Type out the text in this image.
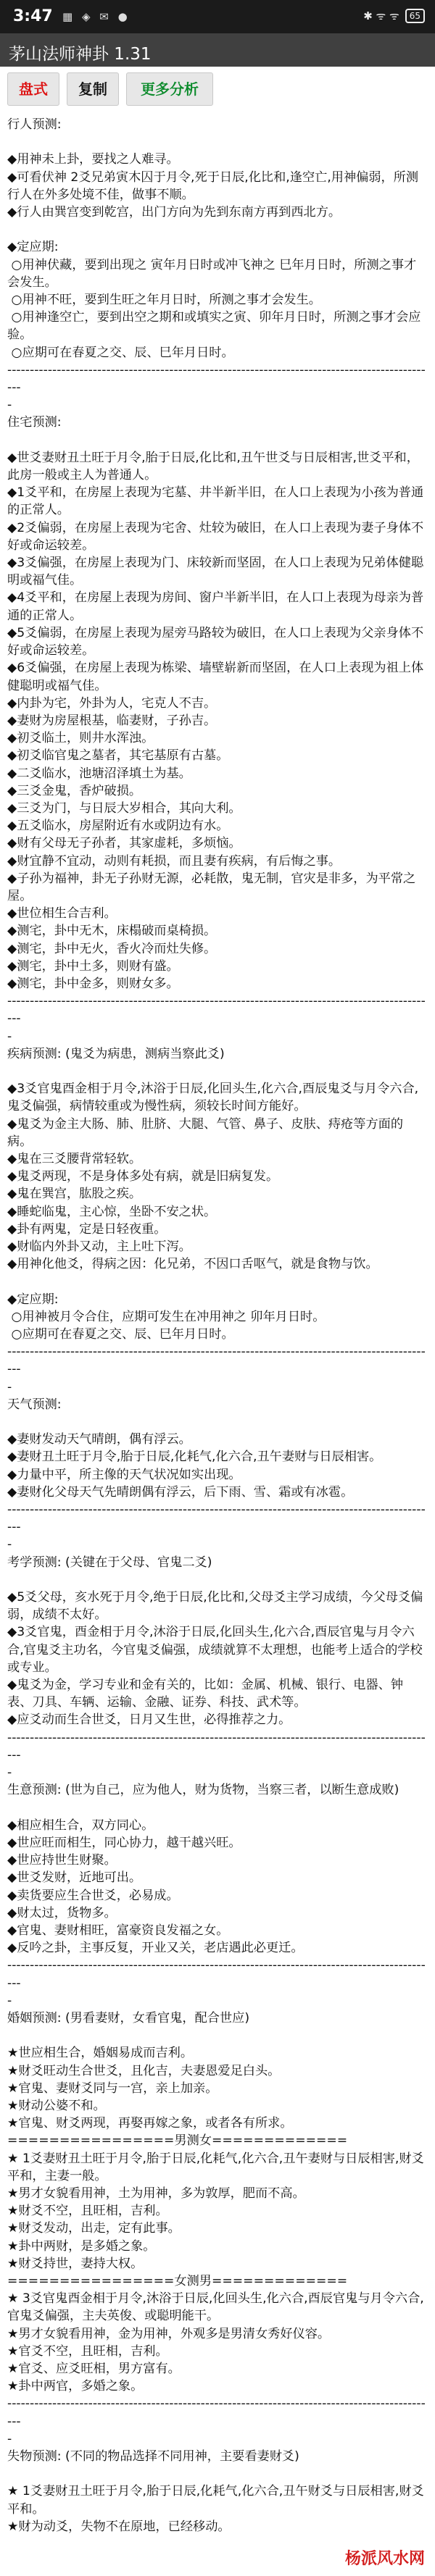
3:47 ▦ ◈ ✉ ●	✱ ᯤ ᯤ	65
茅山法师神卦 1.31
盘式	复制	更多分析
行人预测:

◆用神未上卦，要找之人难寻。
◆可看伏神 2爻兄弟寅木囚于月令,死于日辰,化比和,逢空亡,用神偏弱，所测行人在外多处境不佳，做事不顺。
◆行人由巽宫变到乾宫，出门方向为先到东南方再到西北方。

◆定应期:
○用神伏藏，要到出现之 寅年月日时或冲飞神之 巳年月日时，所测之事才会发生。
○用神不旺，要到生旺之年月日时，所测之事才会发生。
○用神逢空亡，要到出空之期和或填实之寅、卯年月日时，所测之事才会应验。
○应期可在春夏之交、辰、巳年月日时。
------------------------------------------------------------------------------------------------
-
住宅预测:

◆世爻妻财丑土旺于月令,胎于日辰,化比和,丑午世爻与日辰相害,世爻平和，此房一般或主人为普通人。
◆1爻平和，在房屋上表现为宅墓、井半新半旧，在人口上表现为小孩为普通的正常人。
◆2爻偏弱，在房屋上表现为宅舍、灶较为破旧，在人口上表现为妻子身体不好或命运较差。
◆3爻偏强，在房屋上表现为门、床较新而坚固，在人口上表现为兄弟体健聪明或福气佳。
◆4爻平和，在房屋上表现为房间、窗户半新半旧，在人口上表现为母亲为普通的正常人。
◆5爻偏弱，在房屋上表现为屋旁马路较为破旧，在人口上表现为父亲身体不好或命运较差。
◆6爻偏强，在房屋上表现为栋梁、墙壁崭新而坚固，在人口上表现为祖上体健聪明或福气佳。
◆内卦为宅，外卦为人，宅克人不吉。
◆妻财为房屋根基，临妻财，子孙吉。
◆初爻临土，则井水浑浊。
◆初爻临官鬼之墓者，其宅基原有古墓。
◆二爻临水，池塘沼泽填土为基。
◆三爻金鬼，香炉破损。
◆三爻为门，与日辰大岁相合，其向大利。
◆五爻临水，房屋附近有水或阴边有水。
◆财有父母无子孙者，其家虚耗，多烦恼。
◆财宜静不宜动，动则有耗损，而且妻有疾病，有后悔之事。
◆子孙为福神，卦无子孙财无源，必耗散，鬼无制，官灾是非多，为平常之屋。
◆世位相生合吉利。
◆测宅，卦中无木，床榻破而桌椅损。
◆测宅，卦中无火，香火冷而灶失修。
◆测宅，卦中土多，则财有盛。
◆测宅，卦中金多，则财女多。
------------------------------------------------------------------------------------------------
-
疾病预测: (鬼爻为病患，测病当察此爻)

◆3爻官鬼酉金相于月令,沐浴于日辰,化回头生,化六合,酉辰鬼爻与月令六合,鬼爻偏强，病情较重或为慢性病，须较长时间方能好。
◆鬼爻为金主大肠、肺、肚脐、大腿、气管、鼻子、皮肤、痔疮等方面的病。
◆鬼在三爻腰背常轻软。
◆鬼爻两现，不是身体多处有病，就是旧病复发。
◆鬼在巽宫，肱股之疾。
◆睡蛇临鬼，主心惊，坐卧不安之状。
◆卦有两鬼，定是日轻夜重。
◆财临内外卦又动，主上吐下泻。
◆用神化他爻，得病之因：化兄弟，不因口舌呕气，就是食物与饮。

◆定应期:
○用神被月令合住，应期可发生在冲用神之 卯年月日时。
○应期可在春夏之交、辰、巳年月日时。
------------------------------------------------------------------------------------------------
-
天气预测:

◆妻财发动天气晴朗，偶有浮云。
◆妻财丑土旺于月令,胎于日辰,化耗气,化六合,丑午妻财与日辰相害。
◆力量中平，所主像的天气状况如实出现。
◆妻财化父母天气先晴朗偶有浮云，后下雨、雪、霜或有冰雹。
------------------------------------------------------------------------------------------------
-
考学预测: (关键在于父母、官鬼二爻)

◆5爻父母，亥水死于月令,绝于日辰,化比和,父母爻主学习成绩，今父母爻偏弱，成绩不太好。
◆3爻官鬼，酉金相于月令,沐浴于日辰,化回头生,化六合,酉辰官鬼与月令六合,官鬼爻主功名，今官鬼爻偏强，成绩就算不太理想，也能考上适合的学校或专业。
◆鬼爻为金，学习专业和金有关的，比如：金属、机械、银行、电器、钟表、刀具、车辆、运输、金融、证券、科技、武术等。
◆应爻动而生合世爻，日月又生世，必得推荐之力。
------------------------------------------------------------------------------------------------
-
生意预测: (世为自己，应为他人，财为货物，当察三者，以断生意成败)

◆相应相生合，双方同心。
◆世应旺而相生，同心协力，越干越兴旺。
◆世应持世生财聚。
◆世爻发财，近地可出。
◆卖货要应生合世爻，必易成。
◆财太过，货物多。
◆官鬼、妻财相旺，富豪资良发福之女。
◆反吟之卦，主事反复，开业又关，老店遇此必更迁。
------------------------------------------------------------------------------------------------
-
婚姻预测: (男看妻财，女看官鬼，配合世应)

★世应相生合，婚姻易成而吉利。
★财爻旺动生合世爻，且化吉，夫妻恩爱足白头。
★官鬼、妻财爻同与一宫，亲上加亲。
★财动公婆不和。
★官鬼、财爻两现，再娶再嫁之象，或者各有所求。
================男测女=============
★ 1爻妻财丑土旺于月令,胎于日辰,化耗气,化六合,丑午妻财与日辰相害,财爻平和，主妻一般。
★男才女貌看用神，土为用神，多为敦厚，肥而不高。
★财爻不空，且旺相，吉利。
★财爻发动，出走，定有此事。
★卦中两财，是多婚之象。
★财爻持世，妻持大权。
================女测男=============
★ 3爻官鬼酉金相于月令,沐浴于日辰,化回头生,化六合,酉辰官鬼与月令六合,官鬼爻偏强，主夫英俊、或聪明能干。
★男才女貌看用神，金为用神，外观多是男清女秀好仪容。
★官爻不空，且旺相，吉利。
★官爻、应爻旺相，男方富有。
★卦中两官，多婚之象。
------------------------------------------------------------------------------------------------
-
失物预测: (不同的物品选择不同用神，主要看妻财爻)

★ 1爻妻财丑土旺于月令,胎于日辰,化耗气,化六合,丑午财爻与日辰相害,财爻平和。
★财为动爻，失物不在原地，已经移动。
杨派风水网
